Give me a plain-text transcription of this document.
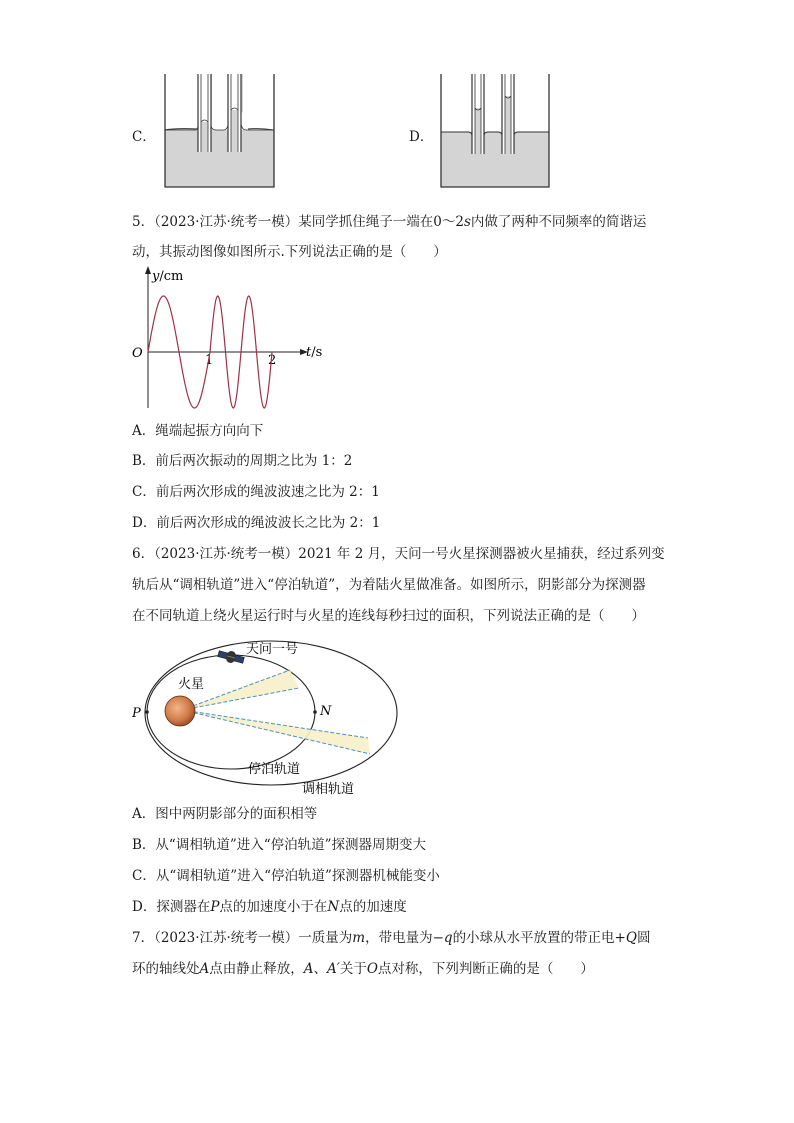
C．	D．
5．（2023·江苏·统考一模）某同学抓住绳子一端在0～2s内做了两种不同频率的简谐运
动，其振动图像如图所示.下列说法正确的是（　　）
y/cm
O	1	2
t/s
A．绳端起振方向向下
B．前后两次振动的周期之比为 1：2
C．前后两次形成的绳波波速之比为 2：1
D．前后两次形成的绳波波长之比为 2：1
6．（2023·江苏·统考一模）2021 年 2 月，天问一号火星探测器被火星捕获，经过系列变
轨后从“调相轨道”进入“停泊轨道”，为着陆火星做准备。如图所示，阴影部分为探测器
在不同轨道上绕火星运行时与火星的连线每秒扫过的面积，下列说法正确的是（　　）
火星
P	N
停泊轨道
调相轨道
天问一号
A．图中两阴影部分的面积相等
B．从“调相轨道”进入“停泊轨道”探测器周期变大
C．从“调相轨道”进入“停泊轨道”探测器机械能变小
D．探测器在P点的加速度小于在N点的加速度
7．（2023·江苏·统考一模）一质量为m，带电量为−q的小球从水平放置的带正电+Q圆
环的轴线处A点由静止释放，A、A′关于O点对称，下列判断正确的是（　　）
